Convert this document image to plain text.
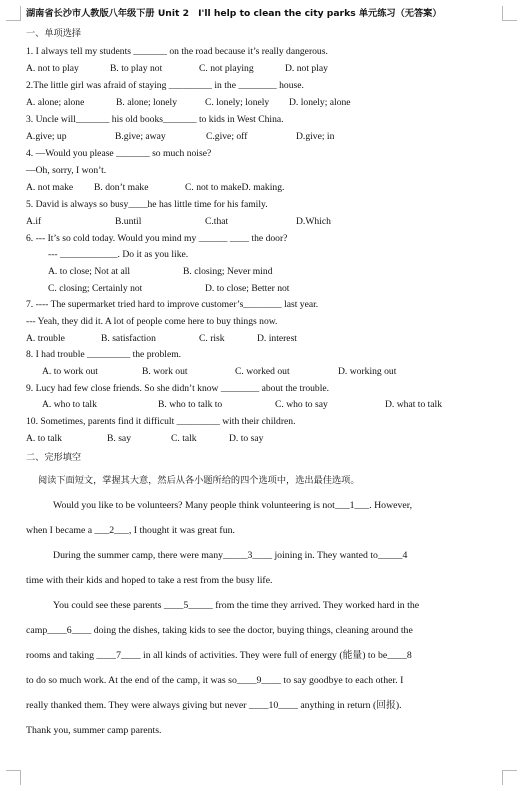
湖南省长沙市人教版八年级下册 Unit 2　I'll help to clean the city parks 单元练习（无答案）
一、单项选择
1. I always tell my students _______ on the road because it’s really dangerous.
A. not to play	B. to play not	C. not playing	D. not play
2.The little girl was afraid of staying _________ in the ________ house.
A. alone; alone	B. alone; lonely	C. lonely; lonely D. lonely; alone
3. Uncle will_______ his old books_______ to kids in West China.
A.give; up	B.give; away	C.give; off	D.give; in
4. —Would you please _______ so much noise?
—Oh, sorry, I won’t.
A. not make B. don’t make	C. not to makeD. making.
5. David is always so busy____he has little time for his family.
A.if	B.until	C.that	D.Which
6. --- It’s so cold today. Would you mind my ______ ____ the door?
--- ____________. Do it as you like.
A. to close; Not at all	B. closing; Never mind
C. closing; Certainly not	D. to close; Better not
7. ---- The supermarket tried hard to improve customer’s________ last year.
--- Yeah, they did it. A lot of people come here to buy things now.
A. trouble	B. satisfaction	C. risk	D. interest
8. I had trouble _________ the problem.
A. to work out	B. work out	C. worked out	D. working out
9. Lucy had few close friends. So she didn’t know ________ about the trouble.
A. who to talk	B. who to talk to	C. who to say	D. what to talk
10. Sometimes, parents find it difficult _________ with their children.
A. to talk	B. say	C. talk	D. to say
二、完形填空
阅读下面短文，掌握其大意，然后从各小题所给的四个选项中，选出最佳选项。
Would you like to be volunteers? Many people think volunteering is not___1___. However,
when I became a ___2___, I thought it was great fun.
During the summer camp, there were many_____3____ joining in. They wanted to_____4
time with their kids and hoped to take a rest from the busy life.
You could see these parents ____5_____ from the time they arrived. They worked hard in the
camp____6____ doing the dishes, taking kids to see the doctor, buying things, cleaning around the
rooms and taking ____7____ in all kinds of activities. They were full of energy (能量) to be____8
to do so much work. At the end of the camp, it was so____9____ to say goodbye to each other. I
really thanked them. They were always giving but never ____10____ anything in return (回报).
Thank you, summer camp parents.
